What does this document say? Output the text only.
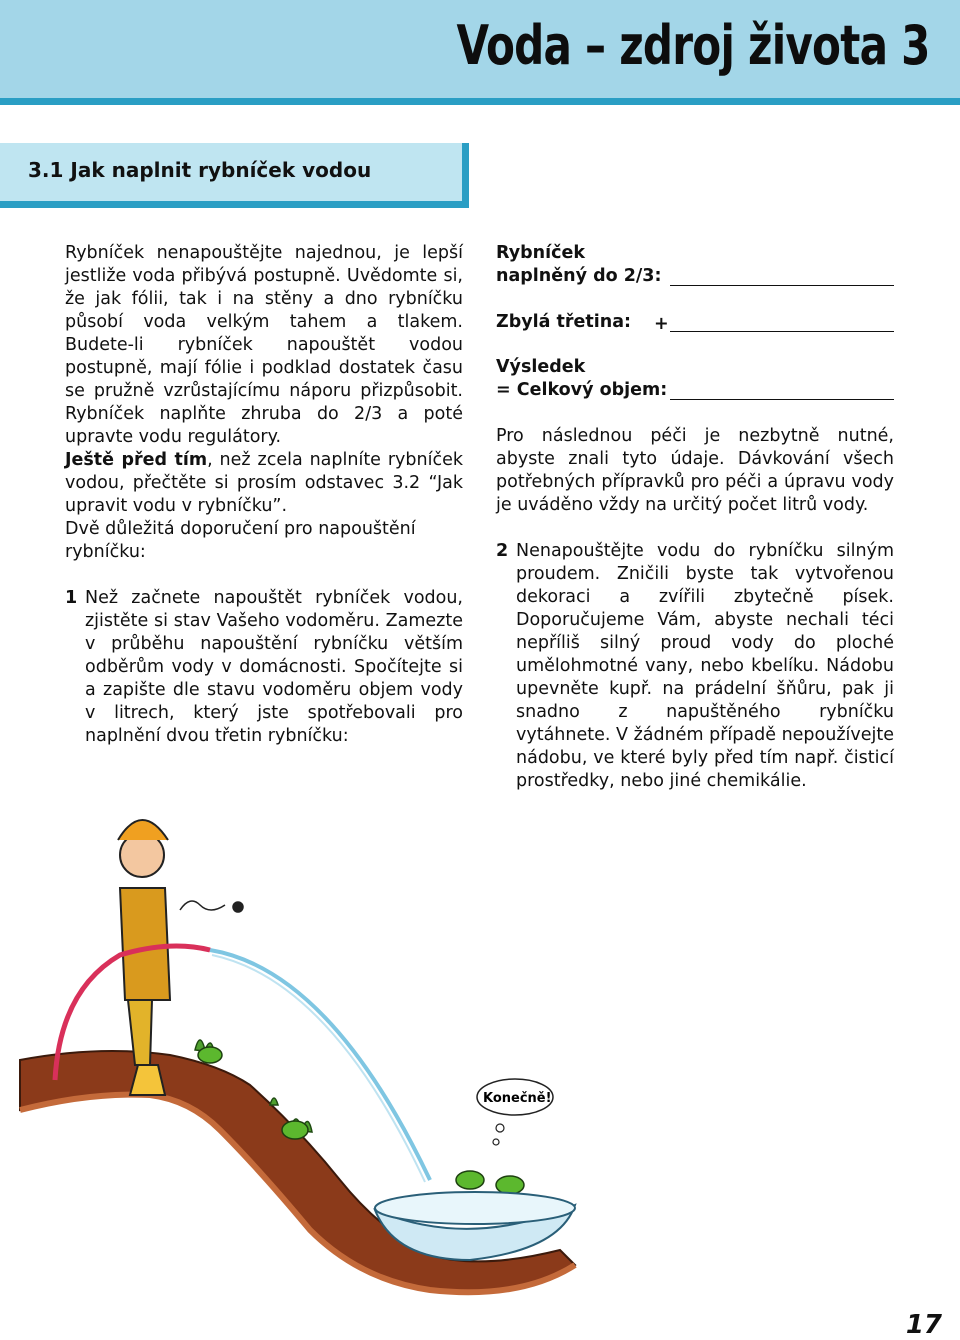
Voda – zdroj života 3
3.1 Jak naplnit rybníček vodou

Rybníček nenapouštějte najednou, je lepší jestliže voda přibývá postupně. Uvědomte si, že jak fólii, tak i na stěny a dno rybníčku působí voda velkým tahem a tlakem. Budete-li rybníček napouštět vodou postupně, mají fólie i podklad dostatek času se pružně vzrůstajícímu náporu přizpůsobit. Rybníček naplňte zhruba do 2/3 a poté upravte vodu regulátory.

Ještě před tím, než zcela naplníte rybníček vodou, přečtěte si prosím odstavec 3.2 “Jak upravit vodu v rybníčku”.

Dvě důležitá doporučení pro napouštění rybníčku:

1 Než začnete napouštět rybníček vodou, zjistěte si stav Vašeho vodoměru. Zamezte v průběhu napouštění rybníčku větším odběrům vody v domácnosti. Spočítejte si a zapište dle stavu vodoměru objem vody v litrech, který jste spotřebovali pro naplnění dvou třetin rybníčku:
Rybníček
naplněný do 2/3:
Zbylá třetina:	+
Výsledek
= Celkový objem:

Pro následnou péči je nezbytně nutné, abyste znali tyto údaje. Dávkování všech potřebných přípravků pro péči a úpravu vody je uváděno vždy na určitý počet litrů vody.

2 Nenapouštějte vodu do rybníčku silným proudem. Zničili byste tak vytvořenou dekoraci a zvířili zbytečně písek. Doporučujeme Vám, abyste nechali téci nepříliš silný proud vody do ploché umělohmotné vany, nebo kbelíku. Nádobu upevněte kupř. na prádelní šňůru, pak ji snadno z napuštěného rybníčku vytáhnete. V žádném případě nepoužívejte nádobu, ve které byly před tím např. čisticí prostředky, nebo jiné chemikálie.
Konečně!
17
